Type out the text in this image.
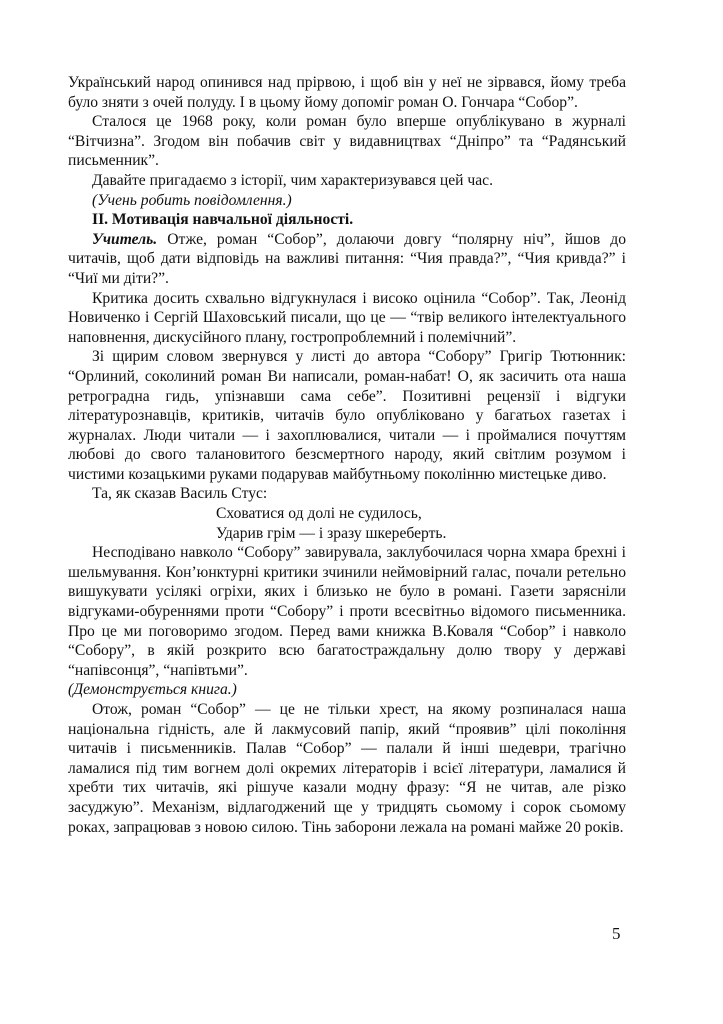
Український народ опинився над прірвою, і щоб він у неї не зірвався, йому треба було зняти з очей полуду. І в цьому йому допоміг роман О. Гончара “Собор”.

Сталося це 1968 року, коли роман було вперше опублікувано в журналі “Вітчизна”. Згодом він побачив світ у видавництвах “Дніпро” та “Радянський письменник”.

Давайте пригадаємо з історії, чим характеризувався цей час.

(Учень робить повідомлення.)

ІІ. Мотивація навчальної діяльності.

Учитель. Отже, роман “Собор”, долаючи довгу “полярну ніч”, йшов до читачів, щоб дати відповідь на важливі питання: “Чия правда?”, “Чия кривда?” і “Чиї ми діти?”.

Критика досить схвально відгукнулася і високо оцінила “Собор”. Так, Леонід Новиченко і Сергій Шаховський писали, що це — “твір великого інтелектуального наповнення, дискусійного плану, гостропроблемний і полемічний”.

Зі щирим словом звернувся у листі до автора “Собору” Григір Тютюнник: “Орлиний, соколиний роман Ви написали, роман-набат! О, як засичить ота наша ретроградна гидь, упізнавши сама себе”. Позитивні рецензії і відгуки літературознавців, критиків, читачів було опубліковано у багатьох газетах і журналах. Люди читали — і захоплювалися, читали — і проймалися почуттям любові до свого талановитого безсмертного народу, який світлим розумом і чистими козацькими руками подарував майбутньому поколінню мистецьке диво.

Та, як сказав Василь Стус:

Сховатися од долі не судилось,
Ударив грім — і зразу шкереберть.

Несподівано навколо “Собору” завирувала, заклубочилася чорна хмара брехні і шельмування. Кон’юнктурні критики зчинили неймовірний галас, почали ретельно вишукувати усілякі огріхи, яких і близько не було в романі. Газети зарясніли відгуками-обуреннями проти “Собору” і проти всесвітньо відомого письменника. Про це ми поговоримо згодом. Перед вами книжка В.Коваля “Собор” і навколо “Собору”, в якій розкрито всю багатостраждальну долю твору у державі “напівсонця”, “напівтьми”.

(Демонструється книга.)

Отож, роман “Собор” — це не тільки хрест, на якому розпиналася наша національна гідність, але й лакмусовий папір, який “проявив” цілі покоління читачів і письменників. Палав “Собор” — палали й інші шедеври, трагічно ламалися під тим вогнем долі окремих літераторів і всієї літератури, ламалися й хребти тих читачів, які рішуче казали модну фразу: “Я не читав, але різко засуджую”. Механізм, відлагоджений ще у тридцять сьомому і сорок сьомому роках, запрацював з новою силою. Тінь заборони лежала на романі майже 20 років.

5
